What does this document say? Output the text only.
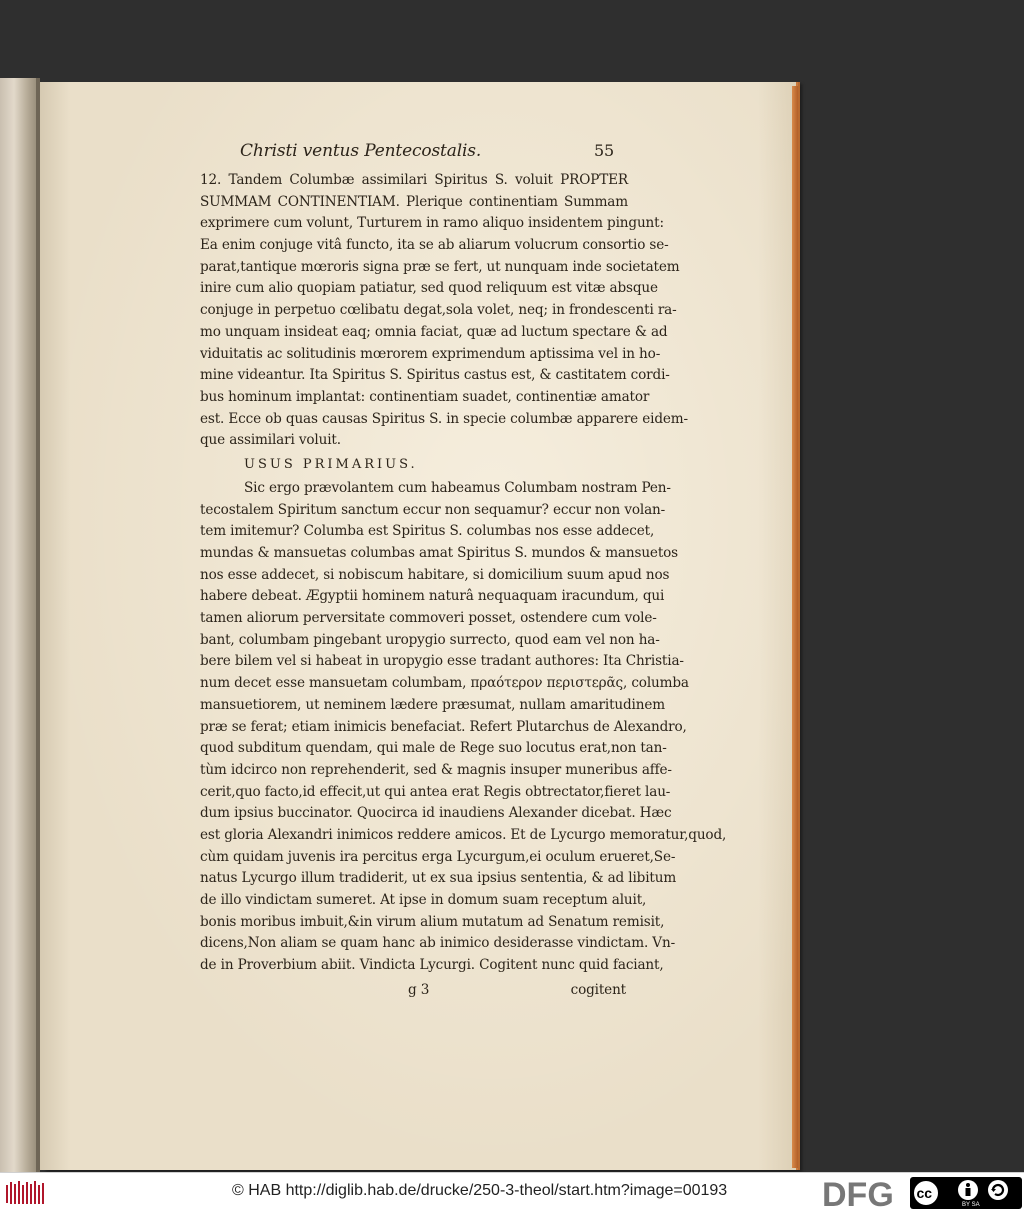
Christi ventus Pentecostalis.	55
12. Tandem Columbæ assimilari Spiritus S. voluit PROPTER
SUMMAM CONTINENTIAM. Plerique continentiam Summam
exprimere cum volunt, Turturem in ramo aliquo insidentem pingunt:
Ea enim conjuge vitâ functo, ita se ab aliarum volucrum consortio se-
parat,tantique mœroris signa præ se fert, ut nunquam inde societatem
inire cum alio quopiam patiatur, sed quod reliquum est vitæ absque
conjuge in perpetuo cœlibatu degat,sola volet, neq; in frondescenti ra-
mo unquam insideat eaq; omnia faciat, quæ ad luctum spectare & ad
viduitatis ac solitudinis mœrorem exprimendum aptissima vel in ho-
mine videantur. Ita Spiritus S. Spiritus castus est, & castitatem cordi-
bus hominum implantat: continentiam suadet, continentiæ amator
est. Ecce ob quas causas Spiritus S. in specie columbæ apparere eidem-
que assimilari voluit.
USUS PRIMARIUS.
Sic ergo prævolantem cum habeamus Columbam nostram Pen-
tecostalem Spiritum sanctum eccur non sequamur? eccur non volan-
tem imitemur? Columba est Spiritus S. columbas nos esse addecet,
mundas & mansuetas columbas amat Spiritus S. mundos & mansuetos
nos esse addecet, si nobiscum habitare, si domicilium suum apud nos
habere debeat. Ægyptii hominem naturâ nequaquam iracundum, qui
tamen aliorum perversitate commoveri posset, ostendere cum vole-
bant, columbam pingebant uropygio surrecto, quod eam vel non ha-
bere bilem vel si habeat in uropygio esse tradant authores: Ita Christia-
num decet esse mansuetam columbam, πραότερον περιστερᾶς, columba
mansuetiorem, ut neminem lædere præsumat, nullam amaritudinem
præ se ferat; etiam inimicis benefaciat. Refert Plutarchus de Alexandro,
quod subditum quendam, qui male de Rege suo locutus erat,non tan-
tùm idcirco non reprehenderit, sed & magnis insuper muneribus affe-
cerit,quo facto,id effecit,ut qui antea erat Regis obtrectator,fieret lau-
dum ipsius buccinator. Quocirca id inaudiens Alexander dicebat. Hæc
est gloria Alexandri inimicos reddere amicos. Et de Lycurgo memoratur,quod,
cùm quidam juvenis ira percitus erga Lycurgum,ei oculum erueret,Se-
natus Lycurgo illum tradiderit, ut ex sua ipsius sententia, & ad libitum
de illo vindictam sumeret. At ipse in domum suam receptum aluit,
bonis moribus imbuit,&in virum alium mutatum ad Senatum remisit,
dicens,Non aliam se quam hanc ab inimico desiderasse vindictam. Vn-
de in Proverbium abiit. Vindicta Lycurgi. Cogitent nunc quid faciant,
g 3	cogitent
© HAB http://diglib.hab.de/drucke/250-3-theol/start.htm?image=00193	DFG cc
BY SA
